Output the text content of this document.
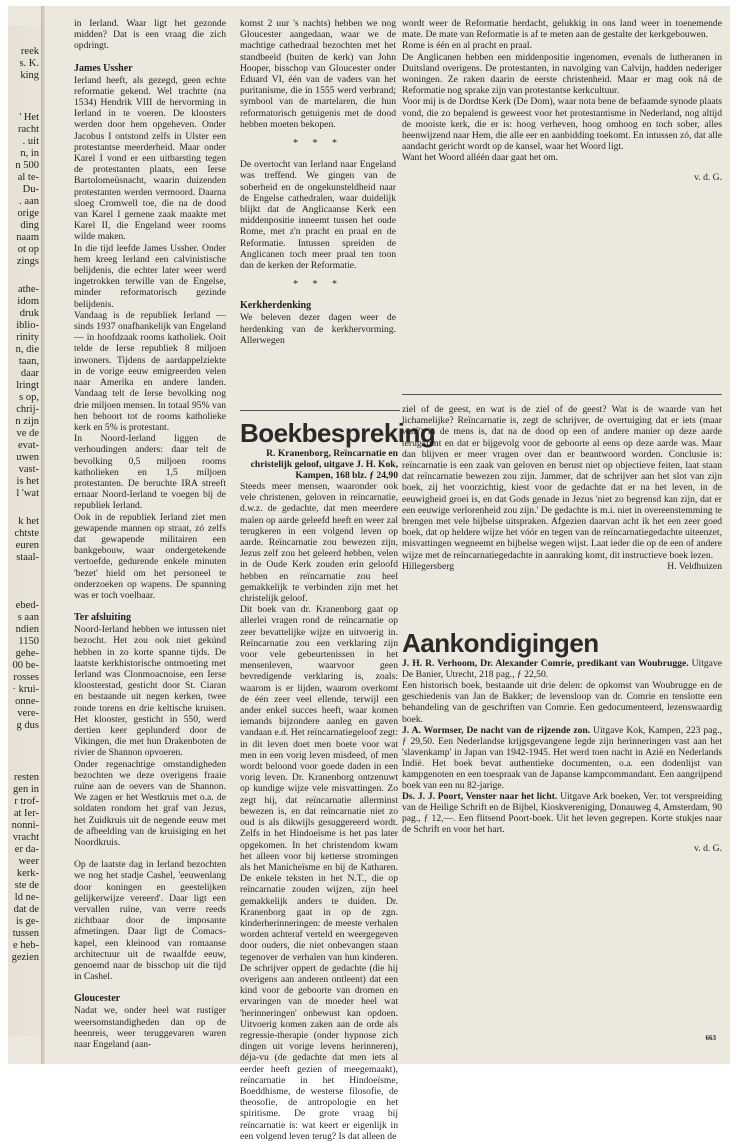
reek
s. K.
king
' Het
racht
. uit
n, in
n 500
al te-
Du-
. aan
orige
ding
naam
ot op
zings
athe-
idom
druk
iblio-
rinity
n, die
taan,
daar
lringt
s op,
chrij-
n zijn
ve de
evat-
uwen
vast-
is het
l 'wat
k het
chtste
euren
staal-
ebed-
s aan
ndien
1150
gehe-
00 be-
rosses
· krui-
onne-
vere-
g dus
resten
gen in
r trof-
at Ier-
nonni-
vracht
er da-
weer
kerk-
ste de
ld ne-
dat de
is ge-
tussen
e heb-
gezien

in Ierland. Waar ligt het gezonde midden? Dat is een vraag die zich opdringt.

James Ussher

Ierland heeft, als gezegd, geen echte reformatie gekend. Wel trachtte (na 1534) Hendrik VIII de hervorming in Ierland in te voeren. De kloosters werden door hem opgeheven. Onder Jacobus I ontstond zelfs in Ulster een protestantse meerderheid. Maar onder Karel I vond er een uitbarsting tegen de protestanten plaats, een Ierse Bartolomeüsnacht, waarin duizenden protestanten werden vermoord. Daarna sloeg Cromwell toe, die na de dood van Karel I gemene zaak maakte met Karel II, die Engeland weer rooms wilde maken.

In die tijd leefde James Ussher. Onder hem kreeg Ierland een calvinistische belijdenis, die echter later weer werd ingetrokken terwille van de Engelse, minder reformatorisch gezinde belijdenis.

Vandaag is de republiek Ierland — sinds 1937 onafhankelijk van Engeland — in hoofdzaak rooms katholiek. Ooit telde de Ierse republiek 8 miljoen inwoners. Tijdens de aardappelziekte in de vorige eeuw emigreerden velen naar Amerika en andere landen. Vandaag telt de Ierse bevolking nog drie miljoen mensen. In totaal 95% van hen behoort tot de rooms katholieke kerk en 5% is protestant.

In Noord-Ierland liggen de verhoudingen anders: daar telt de bevolking 0,5 miljoen rooms katholieken en 1,5 miljoen protestanten. De beruchte IRA streeft ernaar Noord-Ierland te voegen bij de republiek Ierland.

Ook in de republiek Ierland ziet men gewapende mannen op straat, zó zelfs dat gewapende militairen een bankgebouw, waar ondergetekende vertoefde, gedurende enkele minuten 'bezet' hield om het personeel te onderzoeken op wapens. De spanning was er toch voelbaar.

Ter afsluiting

Noord-Ierland hebben we intussen niet bezocht. Het zou ook niet gekúnd hebben in zo korte spanne tijds. De laatste kerkhistorische ontmoeting met Ierland was Clonmoacnoise, een Ierse kloosterstad, gesticht door St. Ciaran en bestaande uit negen kerken, twee ronde torens en drie keltische kruisen. Het klooster, gesticht in 550, werd dertien keer geplunderd door de Vikingen, die met hun Drakenboten de rivier de Shannon opvoeren.

Onder regenachtige omstandigheden bezochten we deze overigens fraaie ruïne aan de oevers van de Shannon. We zagen er het Westkruis met o.a. de soldaten rondom het graf van Jezus, het Zuidkruis uit de negende eeuw met de afbeelding van de kruisiging en het Noordkruis.

Op de laatste dag in Ierland bezochten we nog het stadje Cashel, 'eeuwenlang door koningen en geestelijken gelijkerwijze vereerd'. Daar ligt een vervallen ruïne, van verre reeds zichtbaar door de imposante afmetingen. Daar ligt de Comacs-kapel, een kleinood van romaanse architectuur uit de twaalfde eeuw, genoemd naar de bisschop uit die tijd in Cashel.

Gloucester

Nadat we, onder heel wat rustiger weersomstandigheden dan op de heenreis, weer teruggevaren waren naar Engeland (aan-

komst 2 uur 's nachts) hebben we nog Gloucester aangedaan, waar we de machtige cathedraal bezochten met het standbeeld (buiten de kerk) van John Hooper, bisschop van Gloucester onder Eduard VI, één van de vaders van het puritanisme, die in 1555 werd verbrand; symbool van de martelaren, die hun reformatorisch getuigenis met de dood hebben moeten bekopen.

* * *

De overtocht van Ierland naar Engeland was treffend. We gingen van de soberheid en de ongekunsteldheid naar de Engelse cathedralen, waar duidelijk blijkt dat de Anglicaanse Kerk een middenpositie inneemt tussen het oude Rome, met z'n pracht en praal en de Reformatie. Intussen spreiden de Anglicanen toch meer praal ten toon dan de kerken der Reformatie.

* * *
Kerkherdenking

We beleven dezer dagen weer de herdenking van de kerkhervorming. Allerwegen

wordt weer de Reformatie herdacht, gelukkig in ons land weer in toenemende mate. De mate van Reformatie is af te meten aan de gestalte der kerkgebouwen.

Rome is één en al pracht en praal.

De Anglicanen hebben een middenpositie ingenomen, evenals de lutheranen in Duitsland overigens. De protestanten, in navolging van Calvijn, hadden nederiger woningen. Ze raken daarin de eerste christenheid. Maar er mag ook ná de Reformatie nog sprake zijn van protestantse kerkcultuur.

Voor mij is de Dordtse Kerk (De Dom), waar nota bene de befaamde synode plaats vond, die zo bepalend is geweest voor het protestantisme in Nederland, nog altijd de mooiste kerk, die er is: hoog verheven, hoog omhoog en toch sober, alles heenwijzend naar Hem, die alle eer en aanbidding toekomt. En intussen zó, dat alle aandacht gericht wordt op de kansel, waar het Woord ligt.

Want het Woord alléén daar gaat het om.

v. d. G.
Boekbespreking

R. Kranenborg, Reïncarnatie en christelijk geloof, uitgave J. H. Kok, Kampen, 168 blz. ƒ 24,90

Steeds meer mensen, waaronder ook vele christenen, geloven in reïncarnatie, d.w.z. de gedachte, dat men meerdere malen op aarde geleefd heeft en weer zal terugkeren in een volgend leven op aarde. Reïncarnatie zou bewezen zijn, Jezus zelf zou het geleerd hebben, velen in de Oude Kerk zouden erin geloofd hebben en reïncarnatie zou heel gemakkelijk te verbinden zijn met het christelijk geloof.

Dit boek van dr. Kranenborg gaat op allerlei vragen rond de reïncarnatie op zeer bevattelijke wijze en uitvoerig in. Reïncarnatie zou een verklaring zijn voor vele gebeurtenissen in het mensenleven, waarvoor geen bevredigende verklaring is, zoals: waarom is er lijden, waarom overkomt de één zeer veel ellende, terwijl een ander enkel succes heeft, waar komen iemands bijzondere aanleg en gaven vandaan e.d. Het reïncarnatiegeloof zegt: in dit leven doet men boete voor wat men in een vorig leven misdeed, of men wordt beloond voor goede daden in een vorig leven. Dr. Kranenborg ontzenuwt op kundige wijze vele misvattingen. Zo zegt hij, dat reïncarnatie allerminst bewezen is, en dat reïncarnatie niet zo oud is als dikwijls gesuggereerd wordt. Zelfs in het Hindoeïsme is het pas later opgekomen. In het christendom kwam het alleen voor bij ketterse stromingen als het Manicheïsme en bij de Katharen. De enkele teksten in het N.T., die op reïncarnatie zouden wijzen, zijn heel gemakkelijk anders te duiden. Dr. Kranenborg gaat in op de zgn. kinderherinneringen: de meeste verhalen worden achteraf verteld en weergegeven door ouders, die niet onbevangen staan tegenover de verhalen van hun kinderen. De schrijver oppert de gedachte (die hij overigens aan anderen ontleent) dat een kind voor de geboorte van dromen en ervaringen van de moeder heel wat 'herinneringen' onbewust kan opdoen. Uitvoerig komen zaken aan de orde als regressie-therapie (onder hypnose zich dingen uit vorige levens herinneren), déja-vu (de gedachte dat men iets al eerder heeft gezien of meegemaakt), reïncarnatie in het Hindoeïsme, Boeddhisme, de westerse filosofie, de theosofie, de antropologie en het spiritisme. De grote vraag bij reïncarnatie is: wat keert er eigenlijk in een volgend leven terug? Is dat alleen de

ziel of de geest, en wat is de ziel of de geest? Wat is de waarde van het lichamelijke? Reïncarnatie is, zegt de schrijver, de overtuiging dat er iets (maar wat?) in de mens is, dat na de dood op een of andere manier op deze aarde terugkomt en dat er bijgevolg voor de geboorte al eens op deze aarde was. Maar dan blijven er meer vragen over dan er beantwoord worden. Conclusie is: reïncarnatie is een zaak van geloven en berust niet op objectieve feiten, laat staan dat reïncarnatie bewezen zou zijn. Jammer, dat de schrijver aan het slot van zijn boek, zij het voorzichtig, kiest voor de gedachte dat er na het leven, in de eeuwigheid groei is, en dat Gods genade in Jezus 'niet zo begrensd kan zijn, dat er een eeuwige verlorenheid zou zijn.' De gedachte is m.i. niet in overeenstemming te brengen met vele bijbelse uitspraken. Afgezien daarvan acht ik het een zeer goed boek, dat op heldere wijze het vóór en tegen van de reïncarnatiegedachte uiteenzet, misvattingen wegneemt en bijbelse wegen wijst. Laat ieder die op de een of andere wijze met de reïncarnatiegedachte in aanraking komt, dit instructieve boek lezen.

Hillegersberg	H. Veldhuizen
Aankondigingen

J. H. R. Verhoom, Dr. Alexander Comrie, predikant van Woubrugge. Uitgave De Banier, Utrecht, 218 pag., ƒ 22,50.

Een historisch boek, bestaande uit drie delen: de opkomst van Woubrugge en de geschiedenis van Jan de Bakker; de levensloop van dr. Comrie en tenslotte een behandeling van de geschriften van Comrie. Een gedocumenteerd, lezenswaardig boek.

J. A. Wormser, De nacht van de rijzende zon. Uitgave Kok, Kampen, 223 pag., ƒ 29,50. Een Nederlandse krijgsgevangene legde zijn herinneringen vast aan het 'slavenkamp' in Japan van 1942-1945. Het werd toen nacht in Azië en Nederlands Indië. Het boek bevat authentieke documenten, o.a. een dodenlijst van kampgenoten en een toespraak van de Japanse kampcommandant. Een aangrijpend boek van een nu 82-jarige.

Ds. J. J. Poort, Venster naar het licht. Uitgave Ark boeken, Ver. tot verspreiding van de Heilige Schrift en de Bijbel, Kioskvereniging, Donauweg 4, Amsterdam, 90 pag., ƒ 12,—. Een flitsend Poort-boek. Uit het leven gegrepen. Korte stukjes naar de Schrift en voor het hart.

v. d. G.
663
